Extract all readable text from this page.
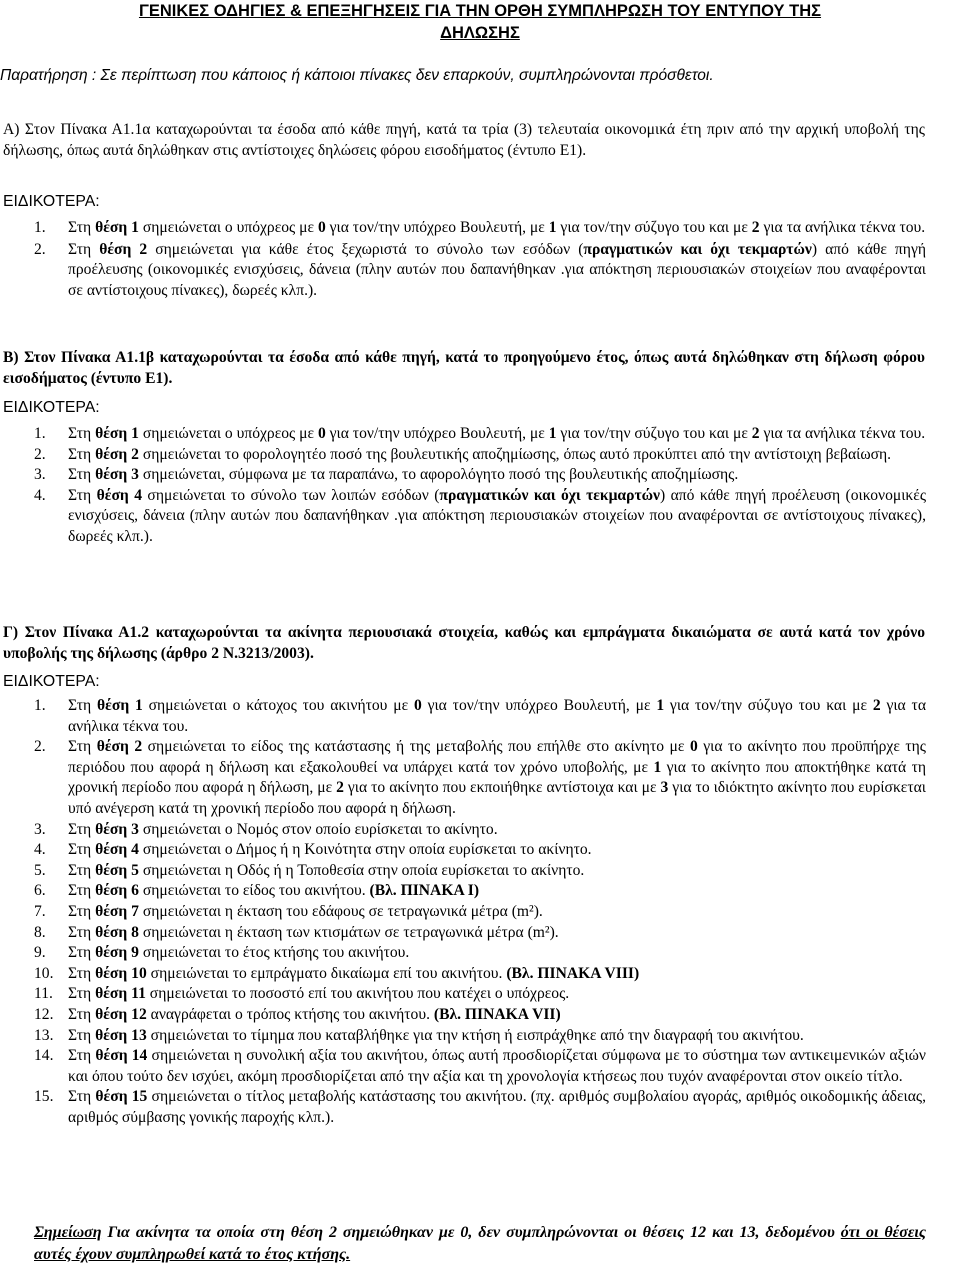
ΓΕΝΙΚΕΣ ΟΔΗΓΙΕΣ & ΕΠΕΞΗΓΗΣΕΙΣ ΓΙΑ ΤΗΝ ΟΡΘΗ ΣΥΜΠΛΗΡΩΣΗ ΤΟΥ ΕΝΤΥΠΟΥ ΤΗΣ
ΔΗΛΩΣΗΣ
Παρατήρηση : Σε περίπτωση που κάποιος ή κάποιοι πίνακες δεν επαρκούν, συμπληρώνονται πρόσθετοι.
Α) Στον Πίνακα Α1.1α καταχωρούνται τα έσοδα από κάθε πηγή, κατά τα τρία (3) τελευταία οικονομικά έτη πριν από την αρχική υποβολή της δήλωσης, όπως αυτά δηλώθηκαν στις αντίστοιχες δηλώσεις φόρου εισοδήματος (έντυπο Ε1).
ΕΙΔΙΚΟΤΕΡΑ:
1. Στη θέση 1 σημειώνεται ο υπόχρεος με 0 για τον/την υπόχρεο Βουλευτή, με 1 για τον/την σύζυγο του και με 2 για τα ανήλικα τέκνα του.
2. Στη θέση 2 σημειώνεται για κάθε έτος ξεχωριστά το σύνολο των εσόδων (πραγματικών και όχι τεκμαρτών) από κάθε πηγή προέλευσης (οικονομικές ενισχύσεις, δάνεια (πλην αυτών που δαπανήθηκαν .για απόκτηση περιουσιακών στοιχείων που αναφέρονται σε αντίστοιχους πίνακες), δωρεές κλπ.).
Β) Στον Πίνακα Α1.1β καταχωρούνται τα έσοδα από κάθε πηγή, κατά το προηγούμενο έτος, όπως αυτά δηλώθηκαν στη δήλωση φόρου εισοδήματος (έντυπο Ε1).
ΕΙΔΙΚΟΤΕΡΑ:
1. Στη θέση 1 σημειώνεται ο υπόχρεος με 0 για τον/την υπόχρεο Βουλευτή, με 1 για τον/την σύζυγο του και με 2 για τα ανήλικα τέκνα του.
2. Στη θέση 2 σημειώνεται το φορολογητέο ποσό της βουλευτικής αποζημίωσης, όπως αυτό προκύπτει από την αντίστοιχη βεβαίωση.
3. Στη θέση 3 σημειώνεται, σύμφωνα με τα παραπάνω, το αφορολόγητο ποσό της βουλευτικής αποζημίωσης.
4. Στη θέση 4 σημειώνεται το σύνολο των λοιπών εσόδων (πραγματικών και όχι τεκμαρτών) από κάθε πηγή προέλευση (οικονομικές ενισχύσεις, δάνεια (πλην αυτών που δαπανήθηκαν .για απόκτηση περιουσιακών στοιχείων που αναφέρονται σε αντίστοιχους πίνακες), δωρεές κλπ.).
Γ) Στον Πίνακα Α1.2 καταχωρούνται τα ακίνητα περιουσιακά στοιχεία, καθώς και εμπράγματα δικαιώματα σε αυτά κατά τον χρόνο υποβολής της δήλωσης (άρθρο 2 Ν.3213/2003).
ΕΙΔΙΚΟΤΕΡΑ:
1. Στη θέση 1 σημειώνεται ο κάτοχος του ακινήτου με 0 για τον/την υπόχρεο Βουλευτή, με 1 για τον/την σύζυγο του και με 2 για τα ανήλικα τέκνα του.
2. Στη θέση 2 σημειώνεται το είδος της κατάστασης ή της μεταβολής που επήλθε στο ακίνητο με 0 για το ακίνητο που προϋπήρχε της περιόδου που αφορά η δήλωση και εξακολουθεί να υπάρχει κατά τον χρόνο υποβολής, με 1 για το ακίνητο που αποκτήθηκε κατά τη χρονική περίοδο που αφορά η δήλωση, με 2 για το ακίνητο που εκποιήθηκε αντίστοιχα και με 3 για το ιδιόκτητο ακίνητο που ευρίσκεται υπό ανέγερση κατά τη χρονική περίοδο που αφορά η δήλωση.
3. Στη θέση 3 σημειώνεται ο Νομός στον οποίο ευρίσκεται το ακίνητο.
4. Στη θέση 4 σημειώνεται ο Δήμος ή η Κοινότητα στην οποία ευρίσκεται το ακίνητο.
5. Στη θέση 5 σημειώνεται η Οδός ή η Τοποθεσία στην οποία ευρίσκεται το ακίνητο.
6. Στη θέση 6 σημειώνεται το είδος του ακινήτου. (Βλ. ΠΙΝΑΚΑ Ι)
7. Στη θέση 7 σημειώνεται η έκταση του εδάφους σε τετραγωνικά μέτρα (m²).
8. Στη θέση 8 σημειώνεται η έκταση των κτισμάτων σε τετραγωνικά μέτρα (m²).
9. Στη θέση 9 σημειώνεται το έτος κτήσης του ακινήτου.
10. Στη θέση 10 σημειώνεται το εμπράγματο δικαίωμα επί του ακινήτου. (Βλ. ΠΙΝΑΚΑ VIII)
11. Στη θέση 11 σημειώνεται το ποσοστό επί του ακινήτου που κατέχει ο υπόχρεος.
12. Στη θέση 12 αναγράφεται ο τρόπος κτήσης του ακινήτου. (Βλ. ΠΙΝΑΚΑ VII)
13. Στη θέση 13 σημειώνεται το τίμημα που καταβλήθηκε για την κτήση ή εισπράχθηκε από την διαγραφή του ακινήτου.
14. Στη θέση 14 σημειώνεται η συνολική αξία του ακινήτου, όπως αυτή προσδιορίζεται σύμφωνα με το σύστημα των αντικειμενικών αξιών και όπου τούτο δεν ισχύει, ακόμη προσδιορίζεται από την αξία και τη χρονολογία κτήσεως που τυχόν αναφέρονται στον οικείο τίτλο.
15. Στη θέση 15 σημειώνεται ο τίτλος μεταβολής κατάστασης του ακινήτου. (πχ. αριθμός συμβολαίου αγοράς, αριθμός οικοδομικής άδειας, αριθμός σύμβασης γονικής παροχής κλπ.).
Σημείωση Για ακίνητα τα οποία στη θέση 2 σημειώθηκαν με 0, δεν συμπληρώνονται οι θέσεις 12 και 13, δεδομένου ότι οι θέσεις αυτές έχουν συμπληρωθεί κατά το έτος κτήσης.
